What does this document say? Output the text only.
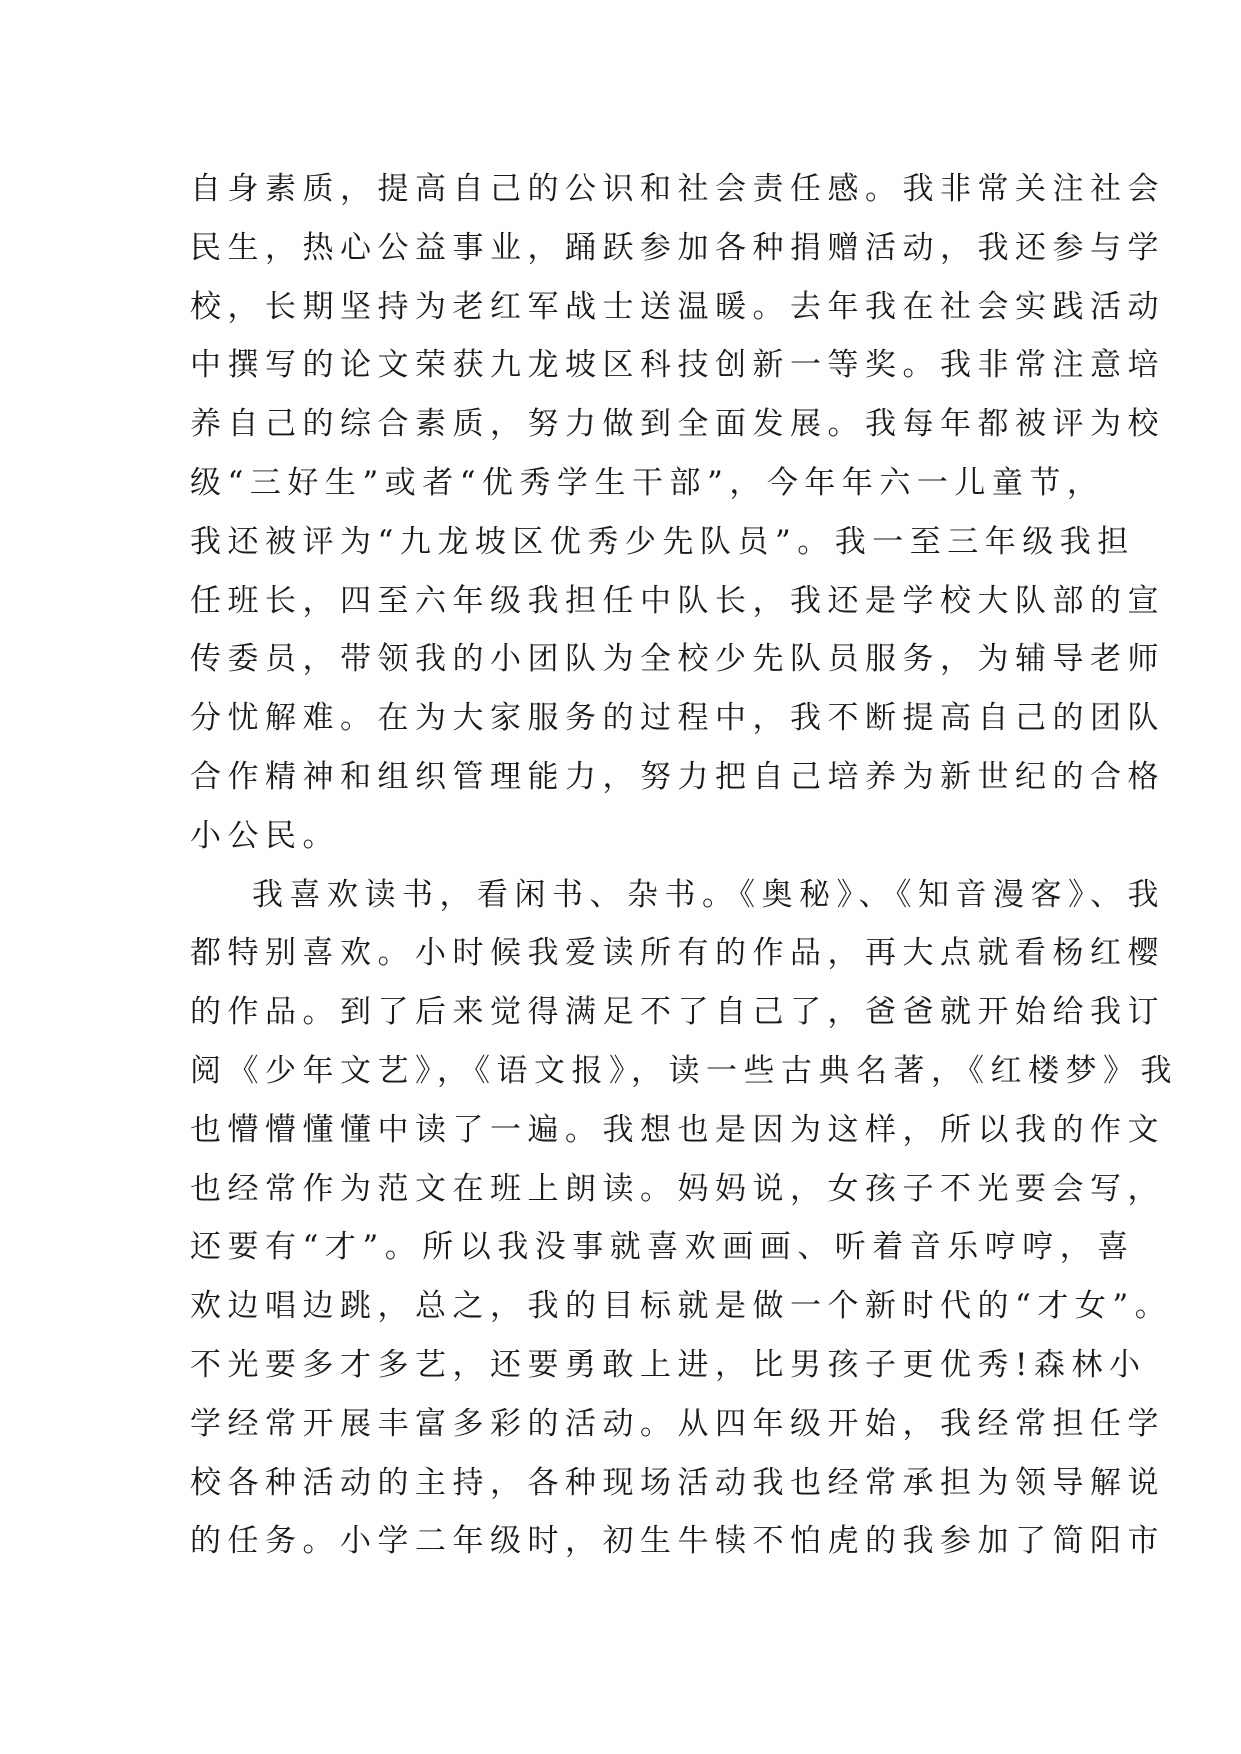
自身素质，提高自己的公识和社会责任感。我非常关注社会
民生，热心公益事业，踊跃参加各种捐赠活动，我还参与学
校，长期坚持为老红军战士送温暖。去年我在社会实践活动
中撰写的论文荣获九龙坡区科技创新一等奖。我非常注意培
养自己的综合素质，努力做到全面发展。我每年都被评为校
级“三好生”或者“优秀学生干部”，今年年六一儿童节，
我还被评为“九龙坡区优秀少先队员”。我一至三年级我担
任班长，四至六年级我担任中队长，我还是学校大队部的宣
传委员，带领我的小团队为全校少先队员服务，为辅导老师
分忧解难。在为大家服务的过程中，我不断提高自己的团队
合作精神和组织管理能力，努力把自己培养为新世纪的合格
小公民。
我喜欢读书，看闲书、杂书。《奥秘》、《知音漫客》、我
都特别喜欢。小时候我爱读所有的作品，再大点就看杨红樱
的作品。到了后来觉得满足不了自己了，爸爸就开始给我订
阅《少年文艺》，《语文报》，读一些古典名著，《红楼梦》我
也懵懵懂懂中读了一遍。我想也是因为这样，所以我的作文
也经常作为范文在班上朗读。妈妈说，女孩子不光要会写，
还要有“才”。所以我没事就喜欢画画、听着音乐哼哼，喜
欢边唱边跳，总之，我的目标就是做一个新时代的“才女”。
不光要多才多艺，还要勇敢上进，比男孩子更优秀!森林小
学经常开展丰富多彩的活动。从四年级开始，我经常担任学
校各种活动的主持，各种现场活动我也经常承担为领导解说
的任务。小学二年级时，初生牛犊不怕虎的我参加了简阳市
